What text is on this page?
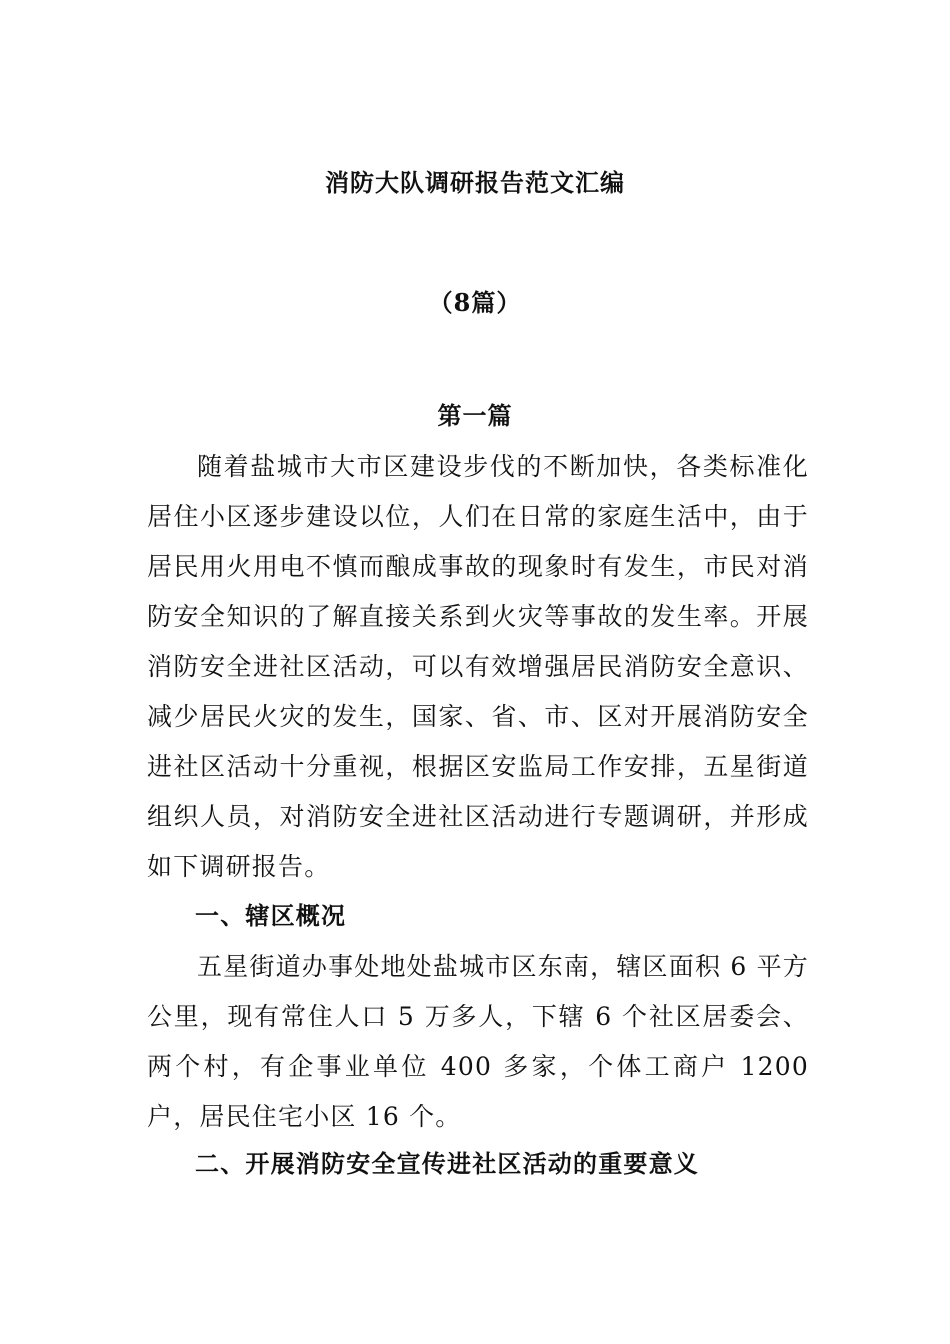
消防大队调研报告范文汇编
（8篇）
第一篇

随着盐城市大市区建设步伐的不断加快，各类标准化居住小区逐步建设以位，人们在日常的家庭生活中，由于居民用火用电不慎而酿成事故的现象时有发生，市民对消防安全知识的了解直接关系到火灾等事故的发生率。开展消防安全进社区活动，可以有效增强居民消防安全意识、减少居民火灾的发生，国家、省、市、区对开展消防安全进社区活动十分重视，根据区安监局工作安排，五星街道组织人员，对消防安全进社区活动进行专题调研，并形成如下调研报告。

一、辖区概况

五星街道办事处地处盐城市区东南，辖区面积 6 平方公里，现有常住人口 5 万多人，下辖 6 个社区居委会、两个村，有企事业单位 400 多家，个体工商户 1200 户，居民住宅小区 16 个。

二、开展消防安全宣传进社区活动的重要意义
